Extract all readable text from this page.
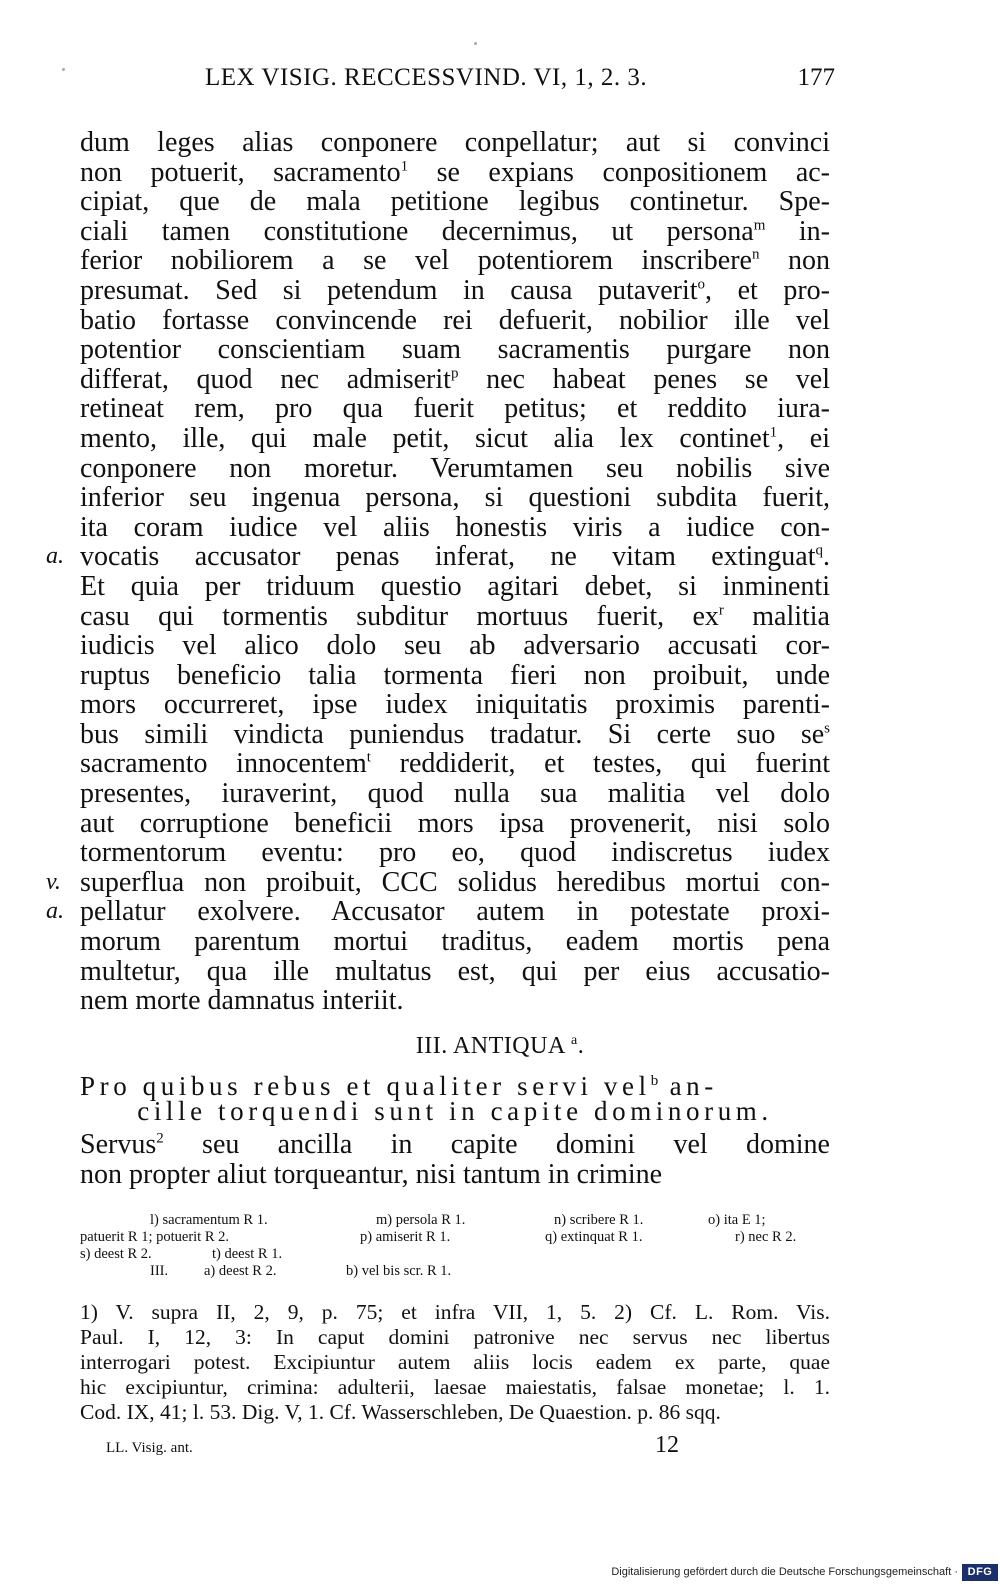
LEX VISIG. RECCESSVIND. VI, 1, 2. 3.	177
dum leges alias conponere conpellatur; aut si convinci
non potuerit, sacramento$^1$ se expians conpositionem ac-
cipiat, que de mala petitione legibus continetur. Spe-
ciali tamen constitutione decernimus, ut persona$^m$ in-
ferior nobiliorem a se vel potentiorem inscribere$^n$ non
presumat. Sed si petendum in causa putaverit$^o$, et pro-
batio fortasse convincende rei defuerit, nobilior ille vel
potentior conscientiam suam sacramentis purgare non
differat, quod nec admiserit$^p$ nec habeat penes se vel
retineat rem, pro qua fuerit petitus; et reddito iura-
mento, ille, qui male petit, sicut alia lex continet$^1$, ei
conponere non moretur. Verumtamen seu nobilis sive
inferior seu ingenua persona, si questioni subdita fuerit,
ita coram iudice vel aliis honestis viris a iudice con-
vocatis accusator penas inferat, ne vitam extinguat$^q$.
a.
Et quia per triduum questio agitari debet, si inminenti
casu qui tormentis subditur mortuus fuerit, $ex^r$ malitia
iudicis vel alico dolo seu ab adversario accusati cor-
ruptus beneficio talia tormenta fieri non proibuit, unde
mors occurreret, ipse iudex iniquitatis proximis parenti-
bus simili vindicta puniendus tradatur. Si certe suo $se^s$
sacramento innocentem$^t$ reddiderit, et testes, qui fuerint
presentes, iuraverint, quod nulla sua malitia vel dolo
aut corruptione beneficii mors ipsa provenerit, nisi solo
tormentorum eventu: pro eo, quod indiscretus iudex
superflua non proibuit, CCC solidus heredibus mortui con-
v.
pellatur exolvere. Accusator autem in potestate proxi-
a.
morum parentum mortui traditus, eadem mortis pena
multetur, qua ille multatus est, qui per eius accusatio-
nem morte damnatus interiit.
III. ANTIQUA $^a$.
Pro quibus rebus et qualiter servi vel$^b$ an-
cille torquendi sunt in capite dominorum.
Servus$^2$ seu ancilla in capite domini vel domine
non propter aliut torqueantur, nisi tantum in crimine
l) sacramentum R 1.	m) persola R 1.	n) scribere R 1.	o) ita E 1;
patuerit R 1; potuerit R 2.	p) amiserit R 1.	q) extinquat R 1.	r) nec R 2.
s) deest R 2.	t) deest R 1.
III. a) deest R 2.	b) vel bis scr. R 1.
1) V. supra II, 2, 9, p. 75; et infra VII, 1, 5. 2) Cf. L. Rom. Vis.
Paul. I, 12, 3: In caput domini patronive nec servus nec libertus
interrogari potest. Excipiuntur autem aliis locis eadem ex parte, quae
hic excipiuntur, crimina: adulterii, laesae maiestatis, falsae monetae; l. 1.
Cod. IX, 41; l. 53. Dig. V, 1. Cf. Wasserschleben, De Quaestion. p. 86 sqq.
LL. Visig. ant.	12
Digitalisierung gefördert durch die Deutsche Forschungsgemeinschaft · DFG
